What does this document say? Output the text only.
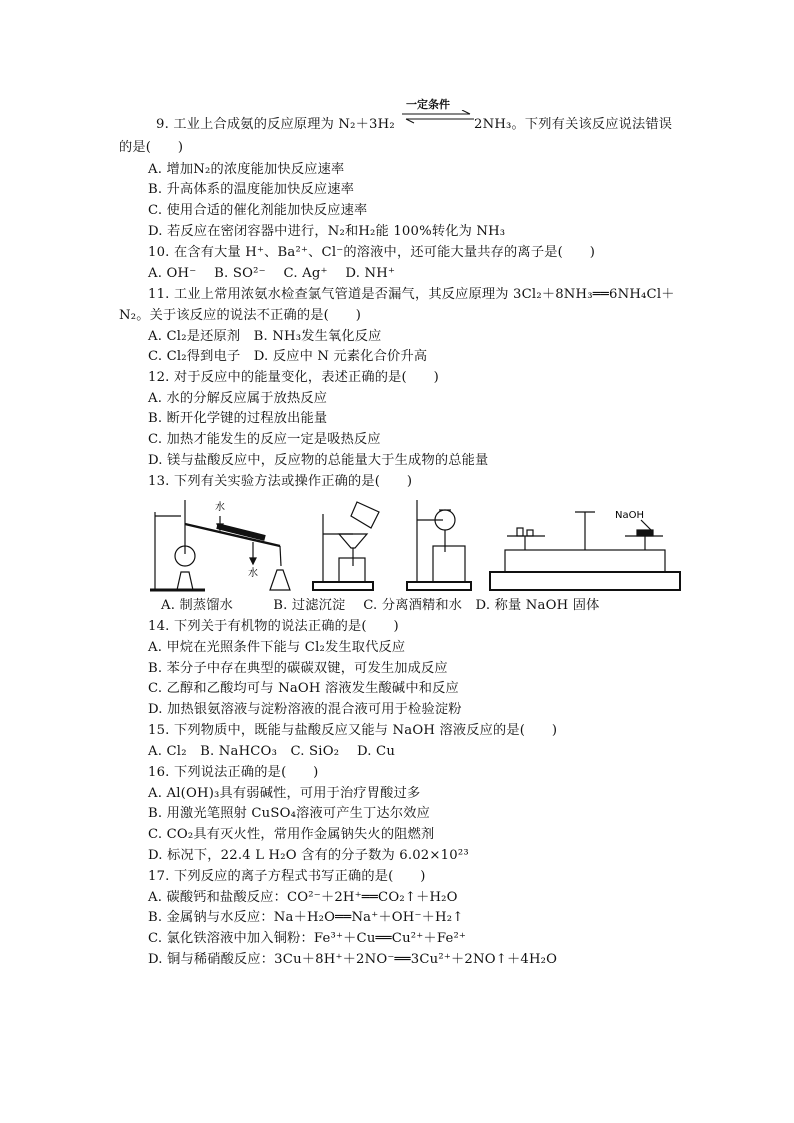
9. 工业上合成氨的反应原理为 N₂＋3H₂
一定条件
2NH₃。下列有关该反应说法错误
的是(　　)
A. 增加N₂的浓度能加快反应速率
B. 升高体系的温度能加快反应速率
C. 使用合适的催化剂能加快反应速率
D. 若反应在密闭容器中进行，N₂和H₂能 100%转化为 NH₃
10. 在含有大量 H⁺、Ba²⁺、Cl⁻的溶液中，还可能大量共存的离子是(　　)
A. OH⁻　 B. SO²⁻　 C. Ag⁺　 D. NH⁺
11. 工业上常用浓氨水检查氯气管道是否漏气，其反应原理为 3Cl₂＋8NH₃══6NH₄Cl＋
N₂。关于该反应的说法不正确的是(　　)
A. Cl₂是还原剂　B. NH₃发生氧化反应
C. Cl₂得到电子　D. 反应中 N 元素化合价升高
12. 对于反应中的能量变化，表述正确的是(　　)
A. 水的分解反应属于放热反应
B. 断开化学键的过程放出能量
C. 加热才能发生的反应一定是吸热反应
D. 镁与盐酸反应中，反应物的总能量大于生成物的总能量
13. 下列有关实验方法或操作正确的是(　　)
水
水
NaOH
A. 制蒸馏水　　　B. 过滤沉淀　 C. 分离酒精和水　D. 称量 NaOH 固体
14. 下列关于有机物的说法正确的是(　　)
A. 甲烷在光照条件下能与 Cl₂发生取代反应
B. 苯分子中存在典型的碳碳双键，可发生加成反应
C. 乙醇和乙酸均可与 NaOH 溶液发生酸碱中和反应
D. 加热银氨溶液与淀粉溶液的混合液可用于检验淀粉
15. 下列物质中，既能与盐酸反应又能与 NaOH 溶液反应的是(　　)
A. Cl₂　B. NaHCO₃　C. SiO₂　 D. Cu
16. 下列说法正确的是(　　)
A. Al(OH)₃具有弱碱性，可用于治疗胃酸过多
B. 用激光笔照射 CuSO₄溶液可产生丁达尔效应
C. CO₂具有灭火性，常用作金属钠失火的阻燃剂
D. 标况下，22.4 L H₂O 含有的分子数为 6.02×10²³
17. 下列反应的离子方程式书写正确的是(　　)
A. 碳酸钙和盐酸反应：CO²⁻＋2H⁺══CO₂↑＋H₂O
B. 金属钠与水反应：Na＋H₂O══Na⁺＋OH⁻＋H₂↑
C. 氯化铁溶液中加入铜粉：Fe³⁺＋Cu══Cu²⁺＋Fe²⁺
D. 铜与稀硝酸反应：3Cu＋8H⁺＋2NO⁻══3Cu²⁺＋2NO↑＋4H₂O
